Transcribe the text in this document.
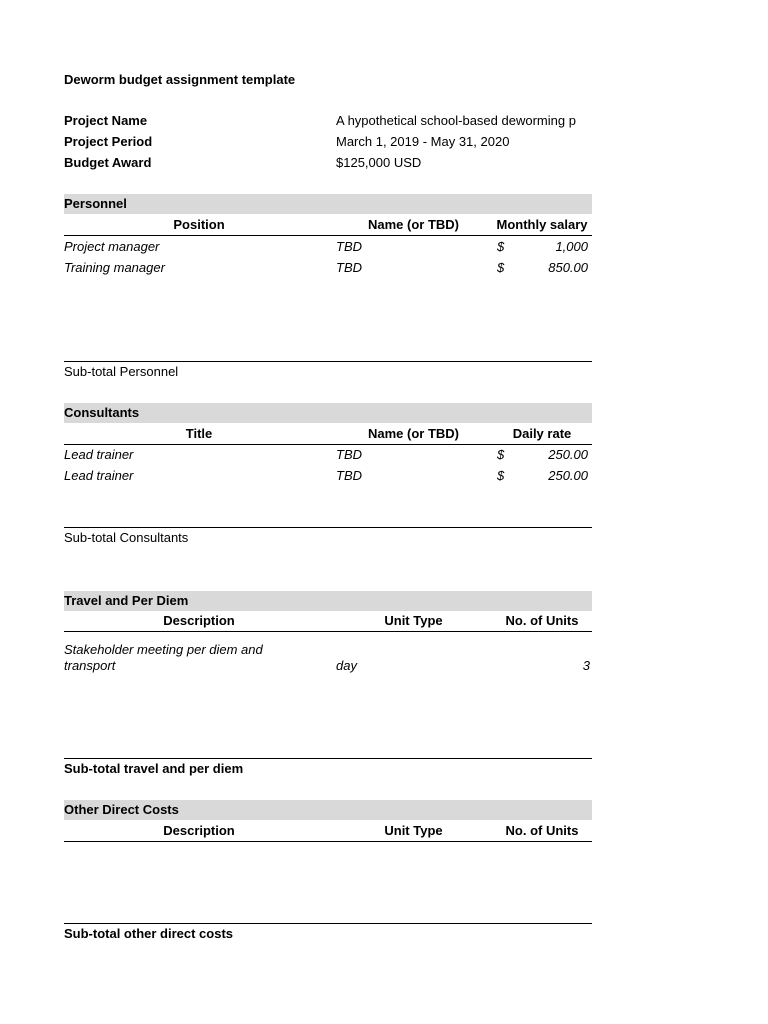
Deworm budget assignment template
Project Name	A hypothetical school-based deworming p
Project Period	March 1, 2019 - May 31, 2020
Budget Award	$125,000 USD
Personnel
Position	Name (or TBD)	Monthly salary
Project manager	TBD	$	1,000
Training manager	TBD	$	850.00
Sub-total Personnel
Consultants
Title	Name (or TBD)	Daily rate
Lead trainer	TBD	$	250.00
Lead trainer	TBD	$	250.00
Sub-total Consultants
Travel and Per Diem
Description	Unit Type	No. of Units
Stakeholder meeting per diem and
transport	day	3
Sub-total travel and per diem
Other Direct Costs
Description	Unit Type	No. of Units
Sub-total other direct costs
